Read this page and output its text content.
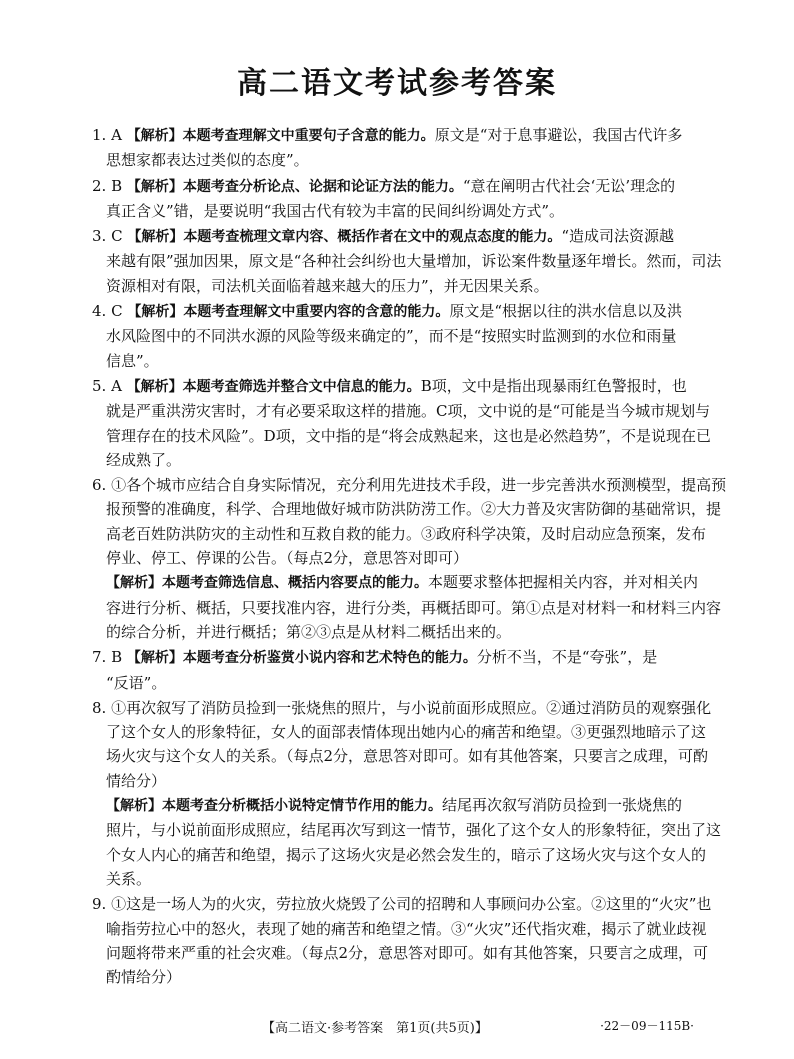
高二语文考试参考答案
1. A 【解析】本题考查理解文中重要句子含意的能力。原文是“对于息事避讼，我国古代许多
思想家都表达过类似的态度”。
2. B 【解析】本题考查分析论点、论据和论证方法的能力。“意在阐明古代社会‘无讼’理念的
真正含义”错，是要说明“我国古代有较为丰富的民间纠纷调处方式”。
3. C 【解析】本题考查梳理文章内容、概括作者在文中的观点态度的能力。“造成司法资源越
来越有限”强加因果，原文是“各种社会纠纷也大量增加，诉讼案件数量逐年增长。然而，司法
资源相对有限，司法机关面临着越来越大的压力”，并无因果关系。
4. C 【解析】本题考查理解文中重要内容的含意的能力。原文是“根据以往的洪水信息以及洪
水风险图中的不同洪水源的风险等级来确定的”，而不是“按照实时监测到的水位和雨量
信息”。
5. A 【解析】本题考查筛选并整合文中信息的能力。B项，文中是指出现暴雨红色警报时，也
就是严重洪涝灾害时，才有必要采取这样的措施。C项，文中说的是“可能是当今城市规划与
管理存在的技术风险”。D项，文中指的是“将会成熟起来，这也是必然趋势”，不是说现在已
经成熟了。
6. ①各个城市应结合自身实际情况，充分利用先进技术手段，进一步完善洪水预测模型，提高预
报预警的准确度，科学、合理地做好城市防洪防涝工作。②大力普及灾害防御的基础常识，提
高老百姓防洪防灾的主动性和互救自救的能力。③政府科学决策，及时启动应急预案，发布
停业、停工、停课的公告。（每点2分，意思答对即可）
【解析】本题考查筛选信息、概括内容要点的能力。本题要求整体把握相关内容，并对相关内
容进行分析、概括，只要找准内容，进行分类，再概括即可。第①点是对材料一和材料三内容
的综合分析，并进行概括；第②③点是从材料二概括出来的。
7. B 【解析】本题考查分析鉴赏小说内容和艺术特色的能力。分析不当，不是“夸张”，是
“反语”。
8. ①再次叙写了消防员捡到一张烧焦的照片，与小说前面形成照应。②通过消防员的观察强化
了这个女人的形象特征，女人的面部表情体现出她内心的痛苦和绝望。③更强烈地暗示了这
场火灾与这个女人的关系。（每点2分，意思答对即可。如有其他答案，只要言之成理，可酌
情给分）
【解析】本题考查分析概括小说特定情节作用的能力。结尾再次叙写消防员捡到一张烧焦的
照片，与小说前面形成照应，结尾再次写到这一情节，强化了这个女人的形象特征，突出了这
个女人内心的痛苦和绝望，揭示了这场火灾是必然会发生的，暗示了这场火灾与这个女人的
关系。
9. ①这是一场人为的火灾，劳拉放火烧毁了公司的招聘和人事顾问办公室。②这里的“火灾”也
喻指劳拉心中的怒火，表现了她的痛苦和绝望之情。③“火灾”还代指灾难，揭示了就业歧视
问题将带来严重的社会灾难。（每点2分，意思答对即可。如有其他答案，只要言之成理，可
酌情给分）
【高二语文·参考答案　第1页(共5页)】	·22－09－115B·
